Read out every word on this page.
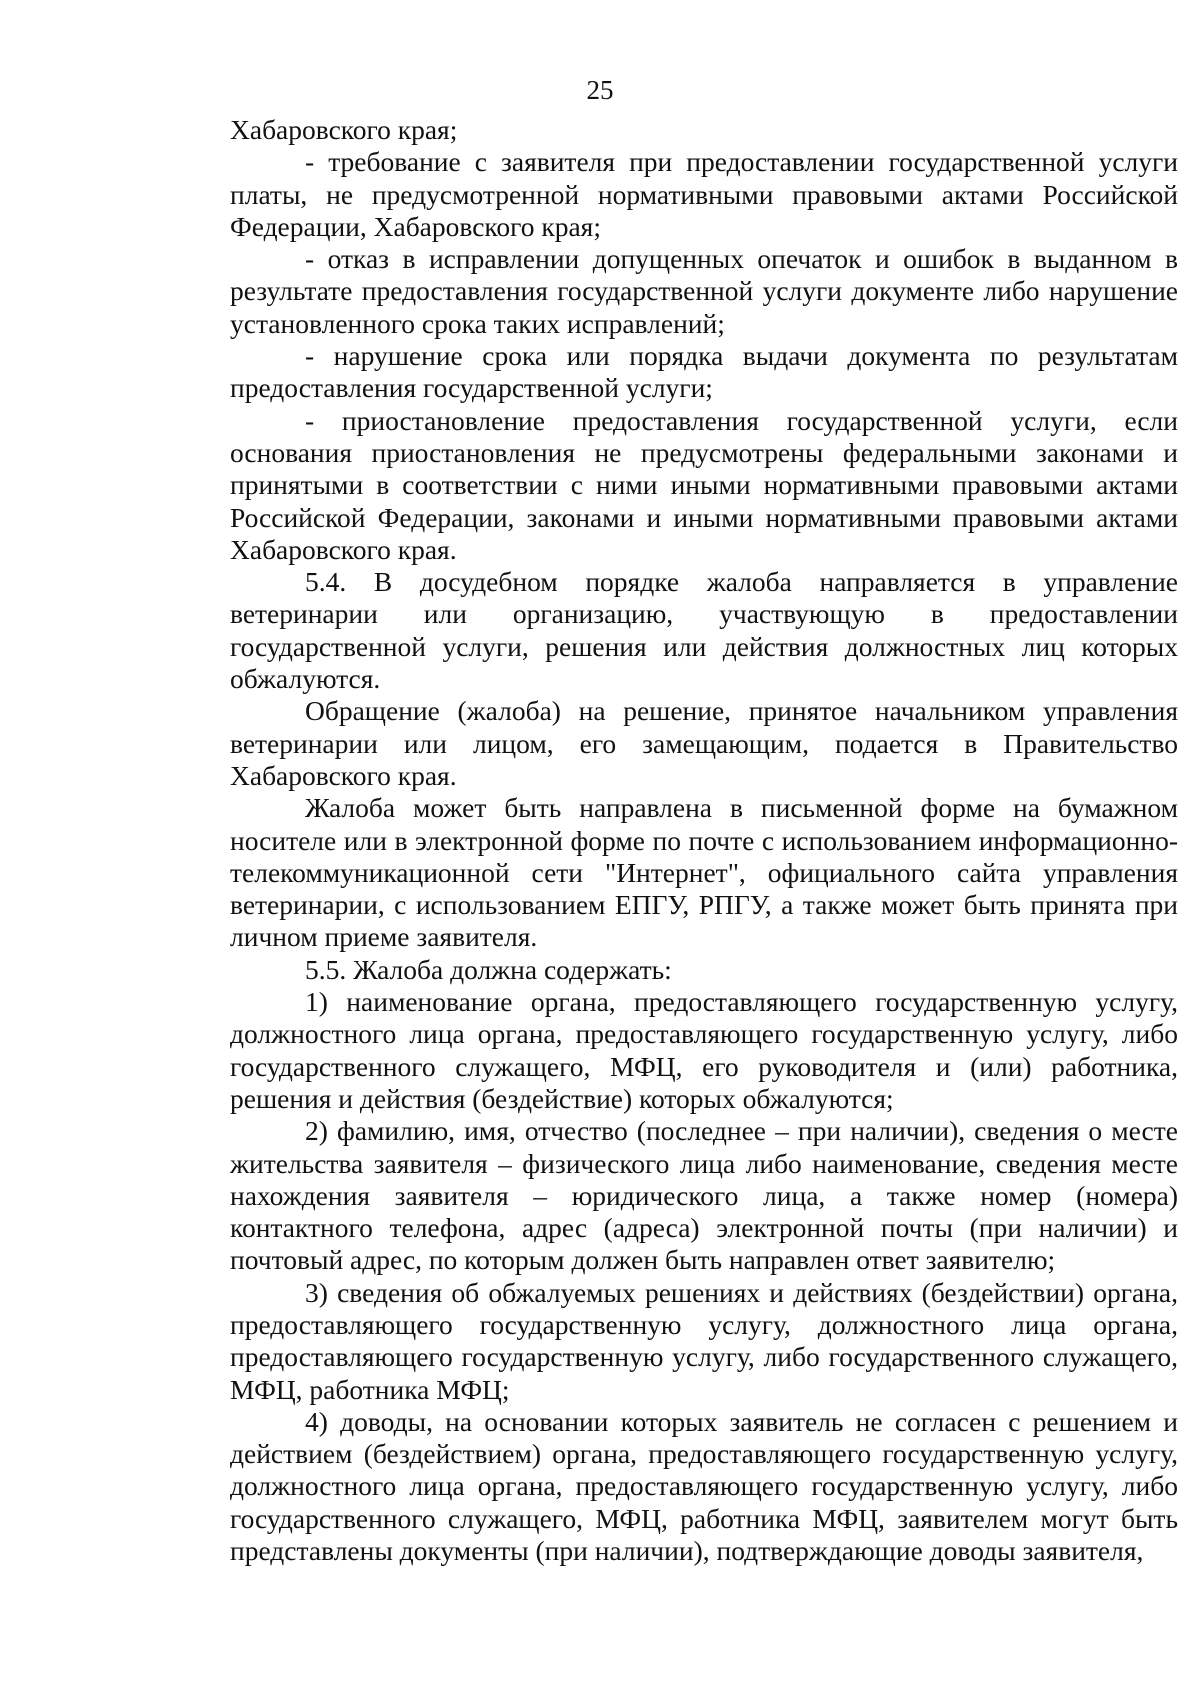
25

Хабаровского края;

- требование с заявителя при предоставлении государственной услуги платы, не предусмотренной нормативными правовыми актами Российской Федерации, Хабаровского края;

- отказ в исправлении допущенных опечаток и ошибок в выданном в результате предоставления государственной услуги документе либо нарушение установленного срока таких исправлений;

- нарушение срока или порядка выдачи документа по результатам предоставления государственной услуги;

- приостановление предоставления государственной услуги, если основания приостановления не предусмотрены федеральными законами и принятыми в соответствии с ними иными нормативными правовыми актами Российской Федерации, законами и иными нормативными правовыми актами Хабаровского края.

5.4. В досудебном порядке жалоба направляется в управление ветеринарии или организацию, участвующую в предоставлении государственной услуги, решения или действия должностных лиц которых обжалуются.

Обращение (жалоба) на решение, принятое начальником управления ветеринарии или лицом, его замещающим, подается в Правительство Хабаровского края.

Жалоба может быть направлена в письменной форме на бумажном носителе или в электронной форме по почте с использованием информационно-телекоммуникационной сети "Интернет", официального сайта управления ветеринарии, с использованием ЕПГУ, РПГУ, а также может быть принята при личном приеме заявителя.

5.5. Жалоба должна содержать:

1) наименование органа, предоставляющего государственную услугу, должностного лица органа, предоставляющего государственную услугу, либо государственного служащего, МФЦ, его руководителя и (или) работника, решения и действия (бездействие) которых обжалуются;

2) фамилию, имя, отчество (последнее – при наличии), сведения о месте жительства заявителя – физического лица либо наименование, сведения месте нахождения заявителя – юридического лица, а также номер (номера) контактного телефона, адрес (адреса) электронной почты (при наличии) и почтовый адрес, по которым должен быть направлен ответ заявителю;

3) сведения об обжалуемых решениях и действиях (бездействии) органа, предоставляющего государственную услугу, должностного лица органа, предоставляющего государственную услугу, либо государственного служащего, МФЦ, работника МФЦ;

4) доводы, на основании которых заявитель не согласен с решением и действием (бездействием) органа, предоставляющего государственную услугу, должностного лица органа, предоставляющего государственную услугу, либо государственного служащего, МФЦ, работника МФЦ, заявителем могут быть представлены документы (при наличии), подтверждающие доводы заявителя,
